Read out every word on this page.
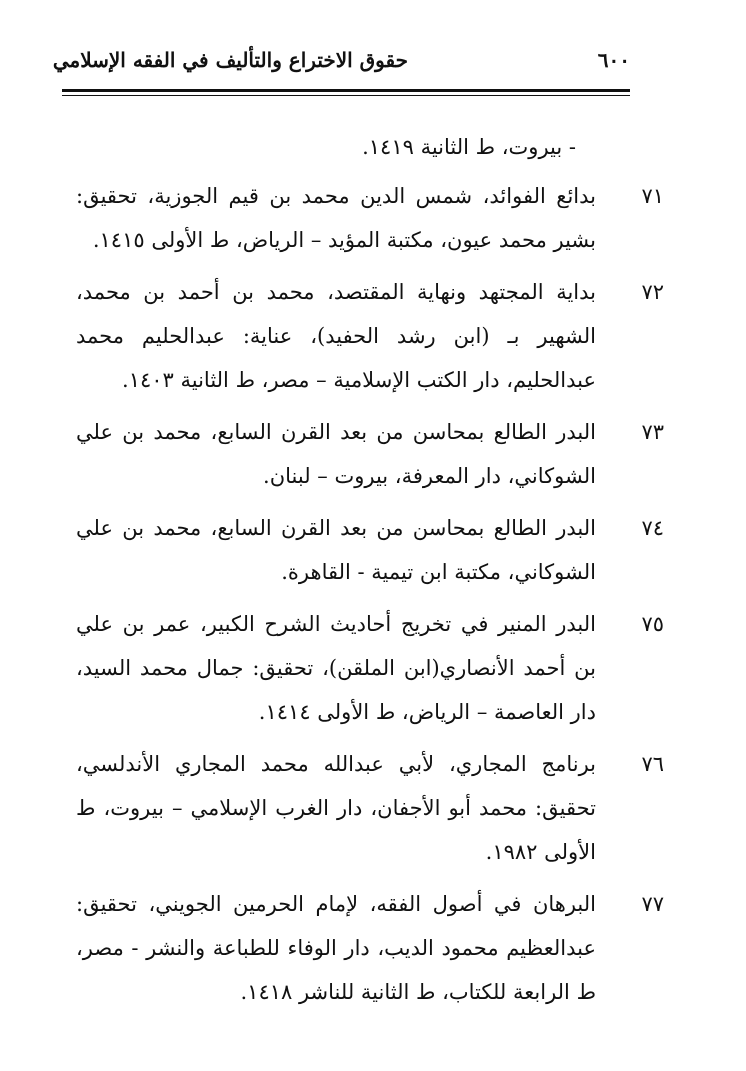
٦٠٠
حقوق الاختراع والتأليف في الفقه الإسلامي
- بيروت، ط الثانية ١٤١٩.
٧١
بدائع الفوائد، شمس الدين محمد بن قيم الجوزية، تحقيق: بشير محمد عيون، مكتبة المؤيد – الرياض، ط الأولى ١٤١٥.
٧٢
بداية المجتهد ونهاية المقتصد، محمد بن أحمد بن محمد، الشهير بـ (ابن رشد الحفيد)، عناية: عبدالحليم محمد عبدالحليم، دار الكتب الإسلامية – مصر، ط الثانية ١٤٠٣.
٧٣
البدر الطالع بمحاسن من بعد القرن السابع، محمد بن علي الشوكاني، دار المعرفة، بيروت – لبنان.
٧٤
البدر الطالع بمحاسن من بعد القرن السابع، محمد بن علي الشوكاني، مكتبة ابن تيمية - القاهرة.
٧٥
البدر المنير في تخريج أحاديث الشرح الكبير، عمر بن علي بن أحمد الأنصاري(ابن الملقن)، تحقيق: جمال محمد السيد، دار العاصمة – الرياض، ط الأولى ١٤١٤.
٧٦
برنامج المجاري، لأبي عبدالله محمد المجاري الأندلسي، تحقيق: محمد أبو الأجفان، دار الغرب الإسلامي – بيروت، ط الأولى ١٩٨٢.
٧٧
البرهان في أصول الفقه، لإمام الحرمين الجويني، تحقيق: عبدالعظيم محمود الديب، دار الوفاء للطباعة والنشر - مصر، ط الرابعة للكتاب، ط الثانية للناشر ١٤١٨.
